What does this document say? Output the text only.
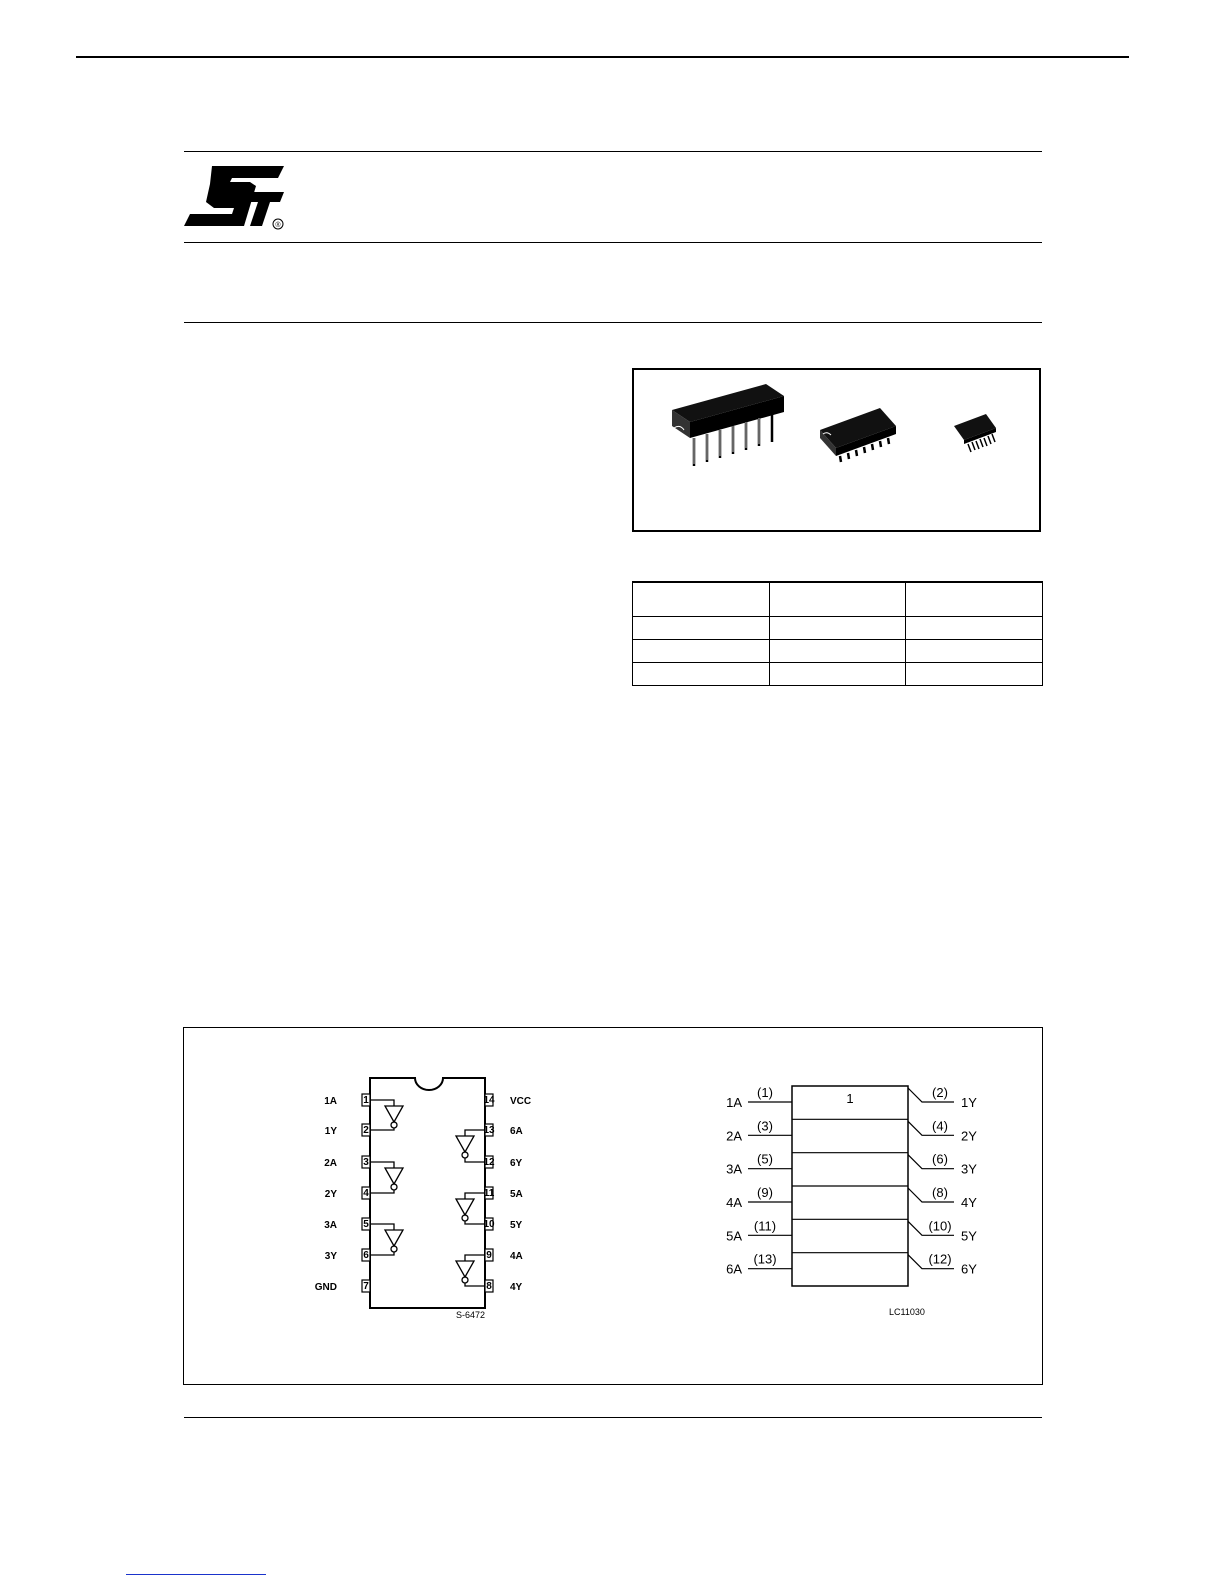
®

1
1A
2
1Y
3
2A
4
2Y
5
3A
6
3Y
7
GND
14 VCC
13 6A
12 6Y
11 5A
10 5Y
9 4A
8 4Y
S-6472
1
(1)
1A
(3)
2A
(5)
3A
(9)
4A
(11)
5A
(13)
6A
(2)
1Y
(4)
2Y
(6)
3Y
(8)
4Y
(10)
5Y
(12)
6Y
LC11030
